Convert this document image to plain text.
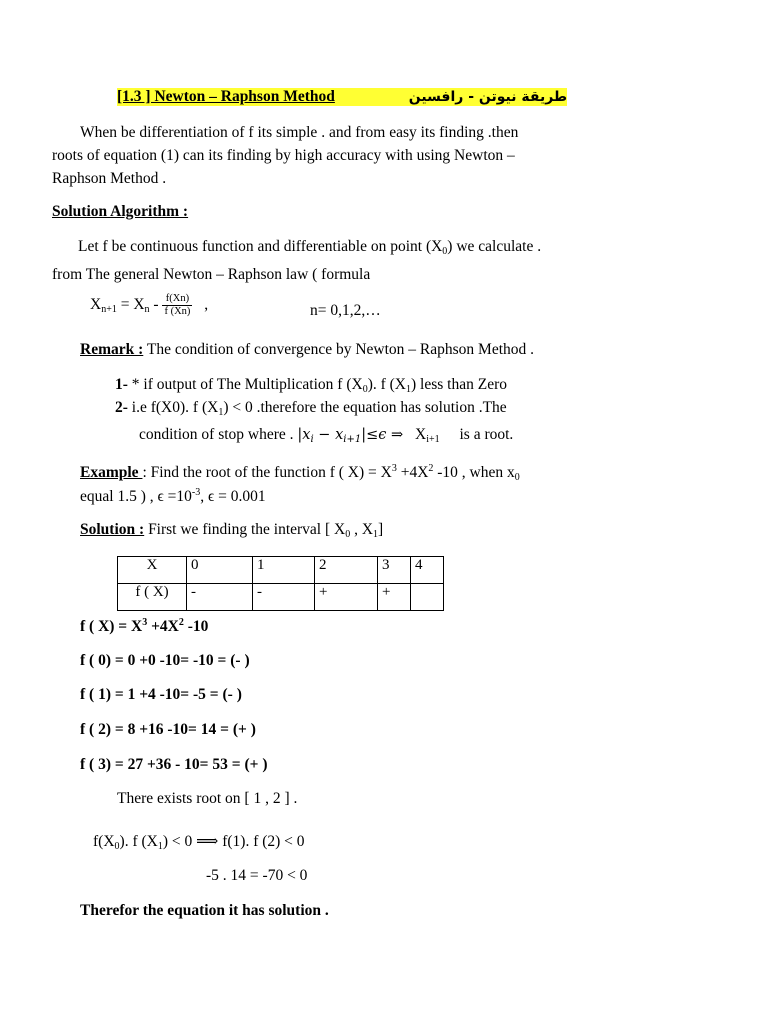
[1.3 ] Newton – Raphson Method	طريقة نيوتن - رافسين
When be differentiation of f its simple . and from easy its finding .then
roots of equation (1) can its finding by high accuracy with using Newton –
Raphson Method .
Solution Algorithm :
Let f be continuous function and differentiable on point $(X_0)$ we calculate .
from The general Newton – Raphson law ( formula
$X_{n+1} = X_n - \frac{f(Xn)}{f (Xn)}$ ,	n= 0,1,2,…
Remark : The condition of convergence by Newton – Raphson Method .
1- * if output of The Multiplication f $(X_0)$. f $(X_1)$ less than Zero
2- i.e f(X0). f $(X_1) < 0$ .therefore the equation has solution .The
condition of stop where . $|x_i - x_{i+1}|\le\epsilon$ ⇒ $X_{i+1}$ is a root.
Example : Find the root of the function f ( $X) = X^3 +4X^2$ -10 , when $x_0$
equal 1.5 ) , $\epsilon =10^{-3}$, ϵ = 0.001
Solution : First we finding the interval [ $X_0$ , $X_1$]
X	0	1	2	3	4
f ( X)	-	-	+	+	
f ( $X) = X^3 +4X^2$ -10
f ( 0) = 0 +0 -10= -10 = (- )
f ( 1) = 1 +4 -10= -5 = (- )
f ( 2) = 8 +16 -10= 14 = (+ )
f ( 3) = 27 +36 - 10= 53 = (+ )
There exists root on [ 1 , 2 ] .
$f(X_0)$. f $(X_1) < 0$ ⟹ f(1). f (2) < 0
-5 . 14 = -70 < 0
Therefor the equation it has solution .
